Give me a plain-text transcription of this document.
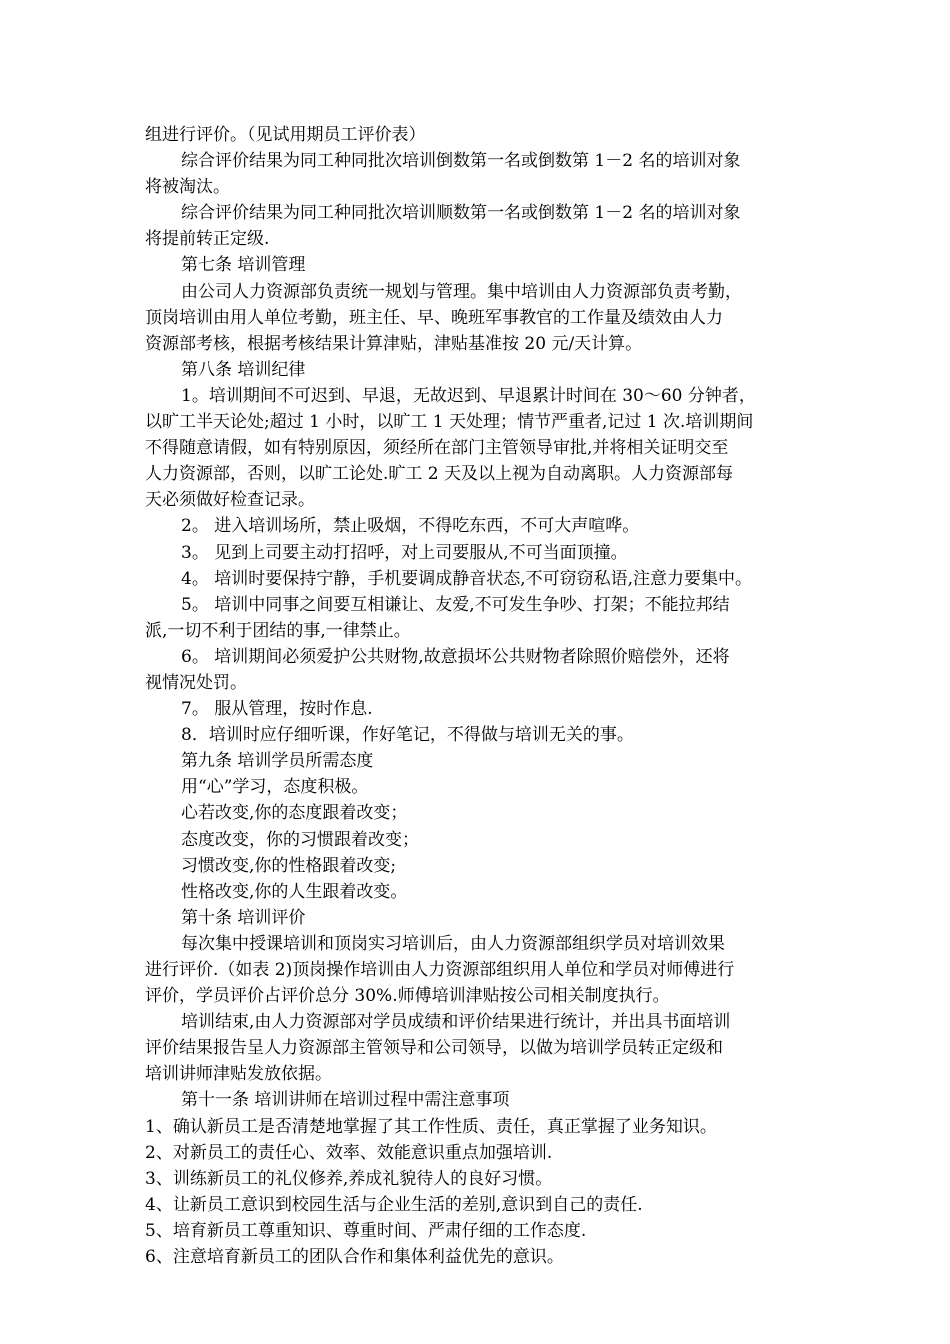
组进行评价。（见试用期员工评价表）
综合评价结果为同工种同批次培训倒数第一名或倒数第 1－2 名的培训对象
将被淘汰。
综合评价结果为同工种同批次培训顺数第一名或倒数第 1－2 名的培训对象
将提前转正定级.
第七条 培训管理
由公司人力资源部负责统一规划与管理。集中培训由人力资源部负责考勤，
顶岗培训由用人单位考勤，班主任、早、晚班军事教官的工作量及绩效由人力
资源部考核，根据考核结果计算津贴，津贴基准按 20 元/天计算。
第八条 培训纪律
1。培训期间不可迟到、早退，无故迟到、早退累计时间在 30～60 分钟者，
以旷工半天论处;超过 1 小时，以旷工 1 天处理；情节严重者,记过 1 次.培训期间
不得随意请假，如有特别原因，须经所在部门主管领导审批,并将相关证明交至
人力资源部，否则，以旷工论处.旷工 2 天及以上视为自动离职。人力资源部每
天必须做好检查记录。
2。 进入培训场所，禁止吸烟，不得吃东西，不可大声喧哗。
3。 见到上司要主动打招呼，对上司要服从,不可当面顶撞。
4。 培训时要保持宁静，手机要调成静音状态,不可窃窃私语,注意力要集中。
5。 培训中同事之间要互相谦让、友爱,不可发生争吵、打架；不能拉邦结
派,一切不利于团结的事,一律禁止。
6。 培训期间必须爱护公共财物,故意损坏公共财物者除照价赔偿外，还将
视情况处罚。
7。 服从管理，按时作息.
8．培训时应仔细听课，作好笔记，不得做与培训无关的事。
第九条 培训学员所需态度
用“心”学习，态度积极。
心若改变,你的态度跟着改变；
态度改变，你的习惯跟着改变；
习惯改变,你的性格跟着改变;
性格改变,你的人生跟着改变。
第十条 培训评价
每次集中授课培训和顶岗实习培训后，由人力资源部组织学员对培训效果
进行评价.（如表 2)顶岗操作培训由人力资源部组织用人单位和学员对师傅进行
评价，学员评价占评价总分 30%.师傅培训津贴按公司相关制度执行。
培训结束,由人力资源部对学员成绩和评价结果进行统计，并出具书面培训
评价结果报告呈人力资源部主管领导和公司领导，以做为培训学员转正定级和
培训讲师津贴发放依据。
第十一条 培训讲师在培训过程中需注意事项
1、确认新员工是否清楚地掌握了其工作性质、责任，真正掌握了业务知识。
2、对新员工的责任心、效率、效能意识重点加强培训.
3、训练新员工的礼仪修养,养成礼貌待人的良好习惯。
4、让新员工意识到校园生活与企业生活的差别,意识到自己的责任.
5、培育新员工尊重知识、尊重时间、严肃仔细的工作态度.
6、注意培育新员工的团队合作和集体利益优先的意识。
